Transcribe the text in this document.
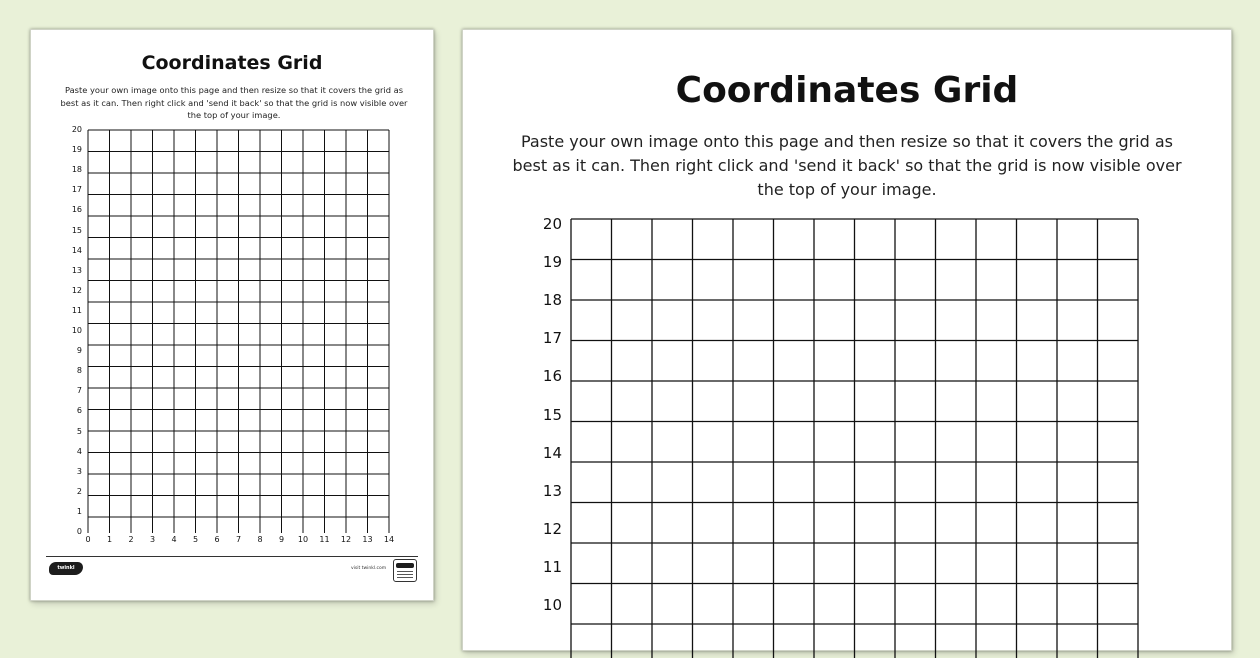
Coordinates Grid
Paste your own image onto this page and then resize so that it covers the grid as best as it can. Then right click and 'send it back' so that the grid is now visible over the top of your image.
twinkl	visit twinkl.com
20
19
18
17
16
15
14
13
12
11
10
9
8
7
6
5
4
3
2
1
0
0	1	2	3	4	5	6	7	8	9	10	11	12	13	14
Coordinates Grid
Paste your own image onto this page and then resize so that it covers the grid as best as it can. Then right click and 'send it back' so that the grid is now visible over the top of your image.
20
19
18
17
16
15
14
13
12
11
10
